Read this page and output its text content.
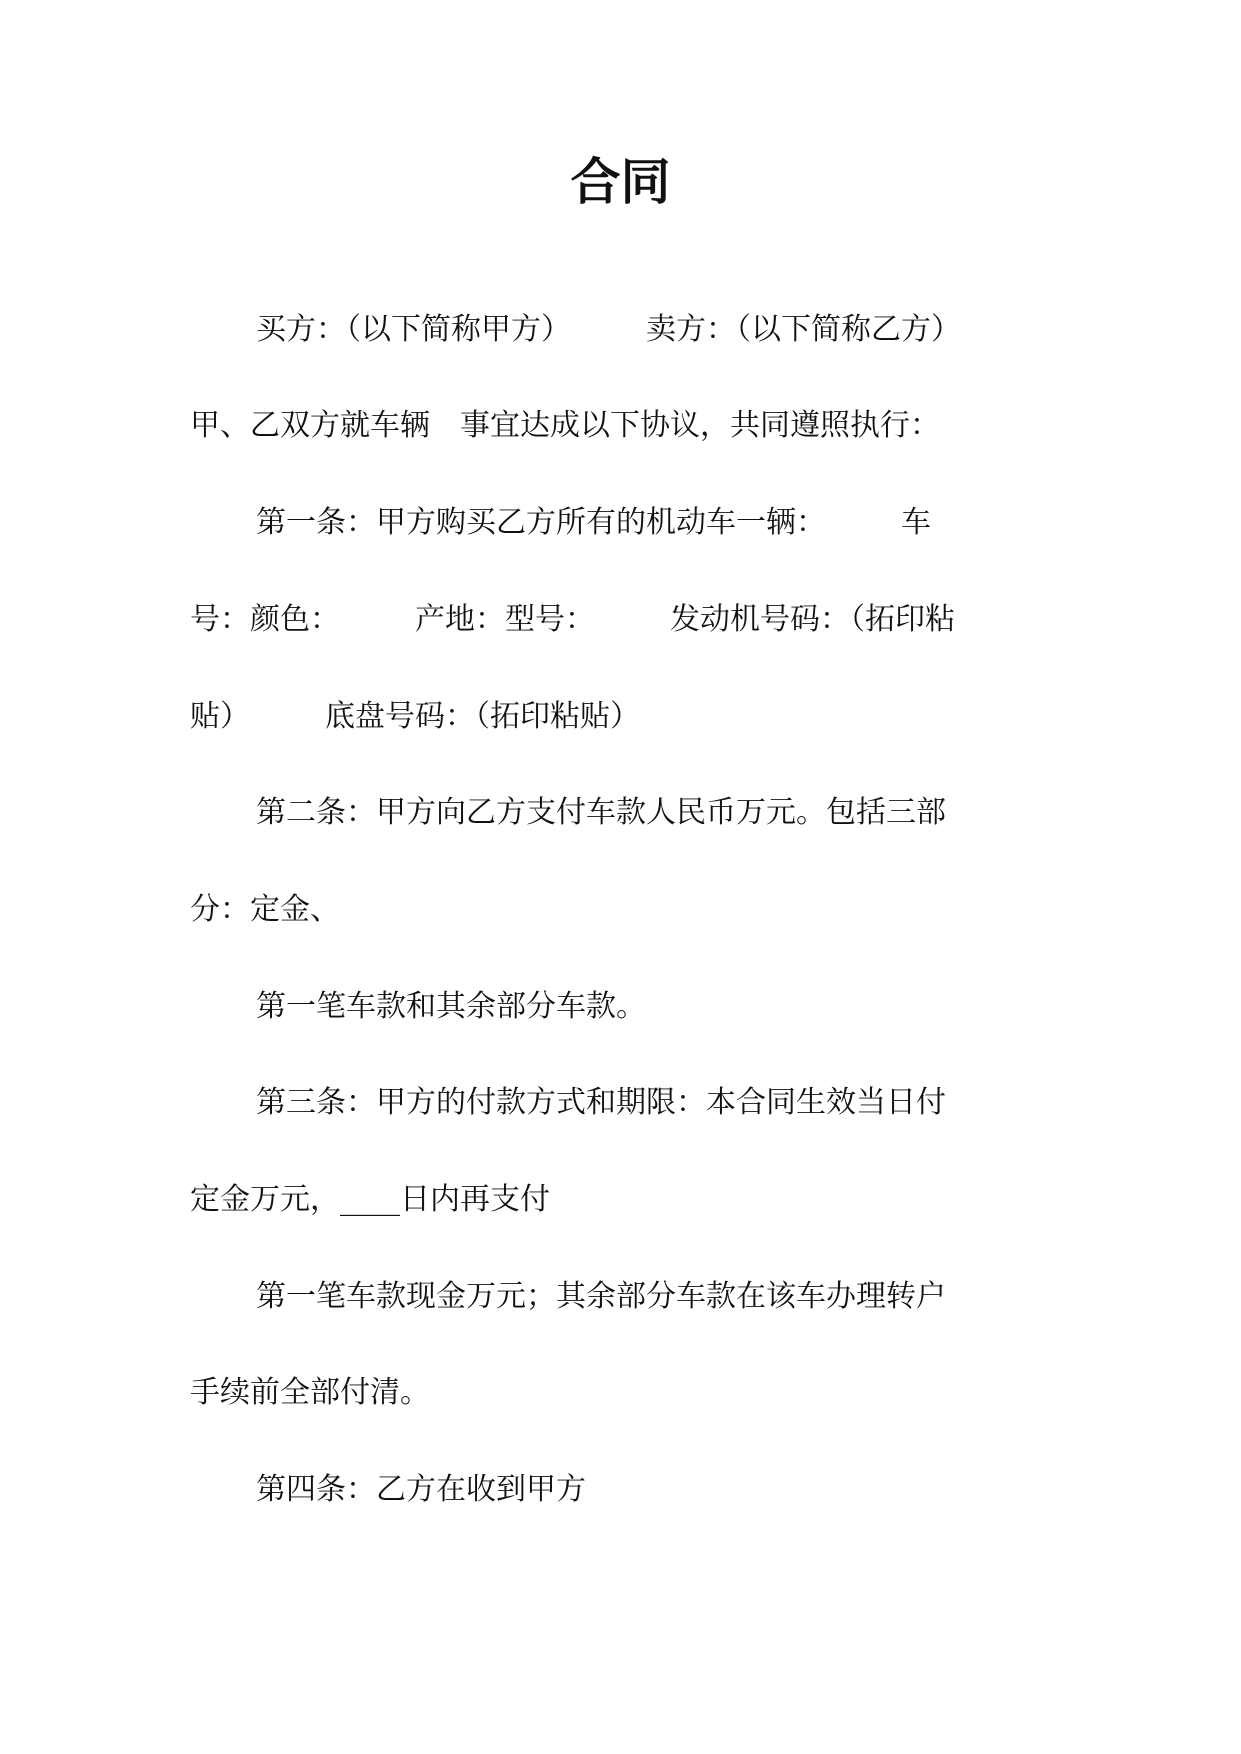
合同

买方：（以下简称甲方）　　　卖方：（以下简称乙方）

甲、乙双方就车辆　事宜达成以下协议，共同遵照执行：

第一条：甲方购买乙方所有的机动车一辆：　　　车

号：颜色：　　　产地：型号：　　　发动机号码：（拓印粘

贴）　　　底盘号码：（拓印粘贴）

第二条：甲方向乙方支付车款人民币万元。包括三部

分：定金、

第一笔车款和其余部分车款。

第三条：甲方的付款方式和期限：本合同生效当日付

定金万元，____日内再支付

第一笔车款现金万元；其余部分车款在该车办理转户

手续前全部付清。

第四条：乙方在收到甲方
